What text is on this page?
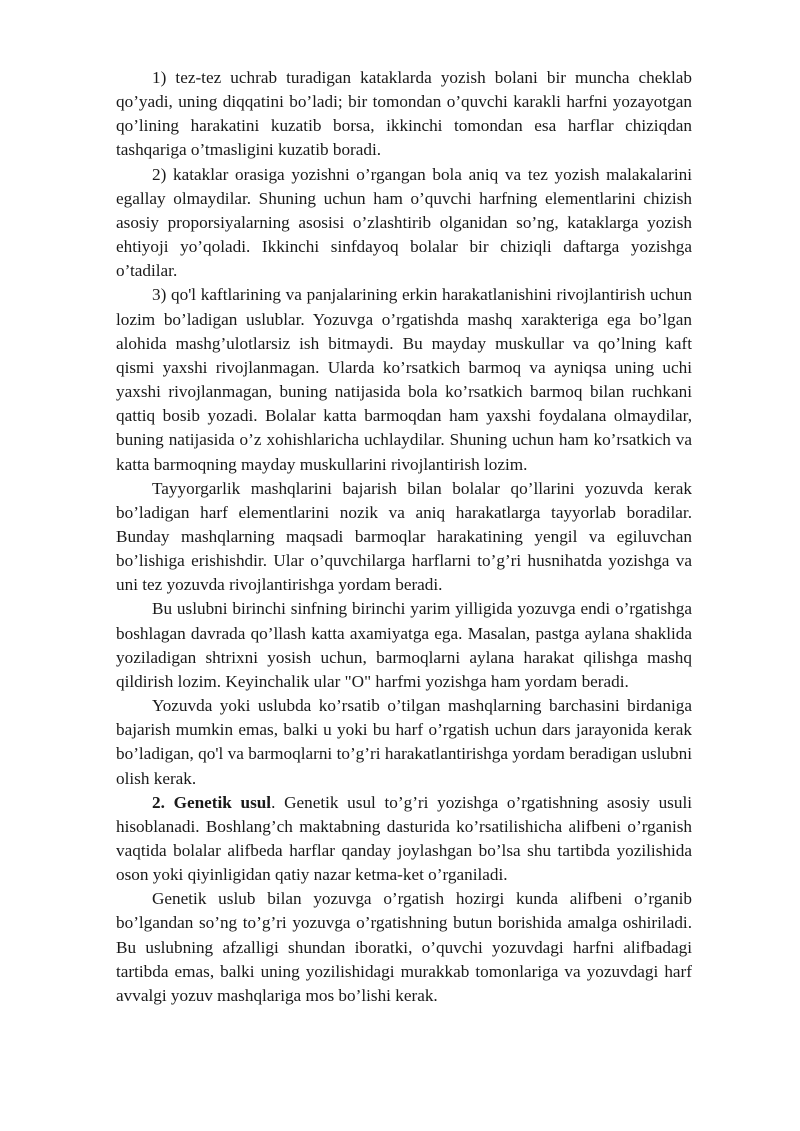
1) tez-tez uchrab turadigan kataklarda yozish bolani bir muncha cheklab qo’yadi, uning diqqatini bo’ladi; bir tomondan o’quvchi karakli harfni yozayotgan qo’lining harakatini kuzatib borsa, ikkinchi tomondan esa harflar chiziqdan tashqariga o’tmasligini kuzatib boradi.

2) kataklar orasiga yozishni o’rgangan bola aniq va tez yozish malakalarini egallay olmaydilar. Shuning uchun ham o’quvchi harfning elementlarini chizish asosiy proporsiyalarning asosisi o’zlashtirib olganidan so’ng, kataklarga yozish ehtiyoji yo’qoladi. Ikkinchi sinfdayoq bolalar bir chiziqli daftarga yozishga o’tadilar.

3) qo'l kaftlarining va panjalarining erkin harakatlanishini rivojlantirish uchun lozim bo’ladigan uslublar. Yozuvga o’rgatishda mashq xarakteriga ega bo’lgan alohida mashg’ulotlarsiz ish bitmaydi. Bu mayday muskullar va qo’lning kaft qismi yaxshi rivojlanmagan. Ularda ko’rsatkich barmoq va ayniqsa uning uchi yaxshi rivojlanmagan, buning natijasida bola ko’rsatkich barmoq bilan ruchkani qattiq bosib yozadi. Bolalar katta barmoqdan ham yaxshi foydalana olmaydilar, buning natijasida o’z xohishlaricha uchlaydilar. Shuning uchun ham ko’rsatkich va katta barmoqning mayday muskullarini rivojlantirish lozim.

Tayyorgarlik mashqlarini bajarish bilan bolalar qo’llarini yozuvda kerak bo’ladigan harf elementlarini nozik va aniq harakatlarga tayyorlab boradilar. Bunday mashqlarning maqsadi barmoqlar harakatining yengil va egiluvchan bo’lishiga erishishdir. Ular o’quvchilarga harflarni to’g’ri husnihatda yozishga va uni tez yozuvda rivojlantirishga yordam beradi.

Bu uslubni birinchi sinfning birinchi yarim yilligida yozuvga endi o’rgatishga boshlagan davrada qo’llash katta axamiyatga ega. Masalan, pastga aylana shaklida yoziladigan shtrixni yosish uchun, barmoqlarni aylana harakat qilishga mashq qildirish lozim. Keyinchalik ular "O" harfmi yozishga ham yordam beradi.

Yozuvda yoki uslubda ko’rsatib o’tilgan mashqlarning barchasini birdaniga bajarish mumkin emas, balki u yoki bu harf o’rgatish uchun dars jarayonida kerak bo’ladigan, qo'l va barmoqlarni to’g’ri harakatlantirishga yordam beradigan uslubni olish kerak.

2. Genetik usul. Genetik usul to’g’ri yozishga o’rgatishning asosiy usuli hisoblanadi. Boshlang’ch maktabning dasturida ko’rsatilishicha alifbeni o’rganish vaqtida bolalar alifbeda harflar qanday joylashgan bo’lsa shu tartibda yozilishida oson yoki qiyinligidan qatiy nazar ketma-ket o’rganiladi.

Genetik uslub bilan yozuvga o’rgatish hozirgi kunda alifbeni o’rganib bo’lgandan so’ng to’g’ri yozuvga o’rgatishning butun borishida amalga oshiriladi. Bu uslubning afzalligi shundan iboratki, o’quvchi yozuvdagi harfni alifbadagi tartibda emas, balki uning yozilishidagi murakkab tomonlariga va yozuvdagi harf avvalgi yozuv mashqlariga mos bo’lishi kerak.
